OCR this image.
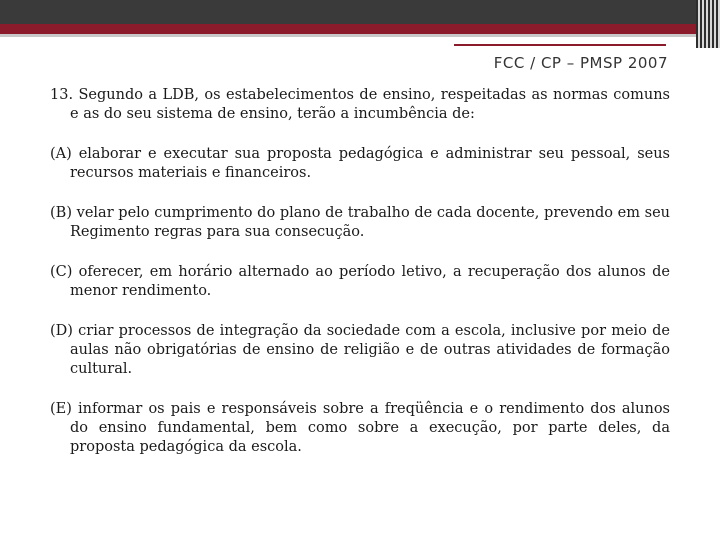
FCC / CP – PMSP 2007

13. Segundo a LDB, os estabelecimentos de ensino, respeitadas as normas comuns e as do seu sistema de ensino, terão a incumbência de:

(A) elaborar e executar sua proposta pedagógica e administrar seu pessoal, seus recursos materiais e financeiros.

(B) velar pelo cumprimento do plano de trabalho de cada docente, prevendo em seu Regimento regras para sua consecução.

(C) oferecer, em horário alternado ao período letivo, a recuperação dos alunos de menor rendimento.

(D) criar processos de integração da sociedade com a escola, inclusive por meio de aulas não obrigatórias de ensino de religião e de outras atividades de formação cultural.

(E) informar os pais e responsáveis sobre a freqüência e o rendimento dos alunos do ensino fundamental, bem como sobre a execução, por parte deles, da proposta pedagógica da escola.
